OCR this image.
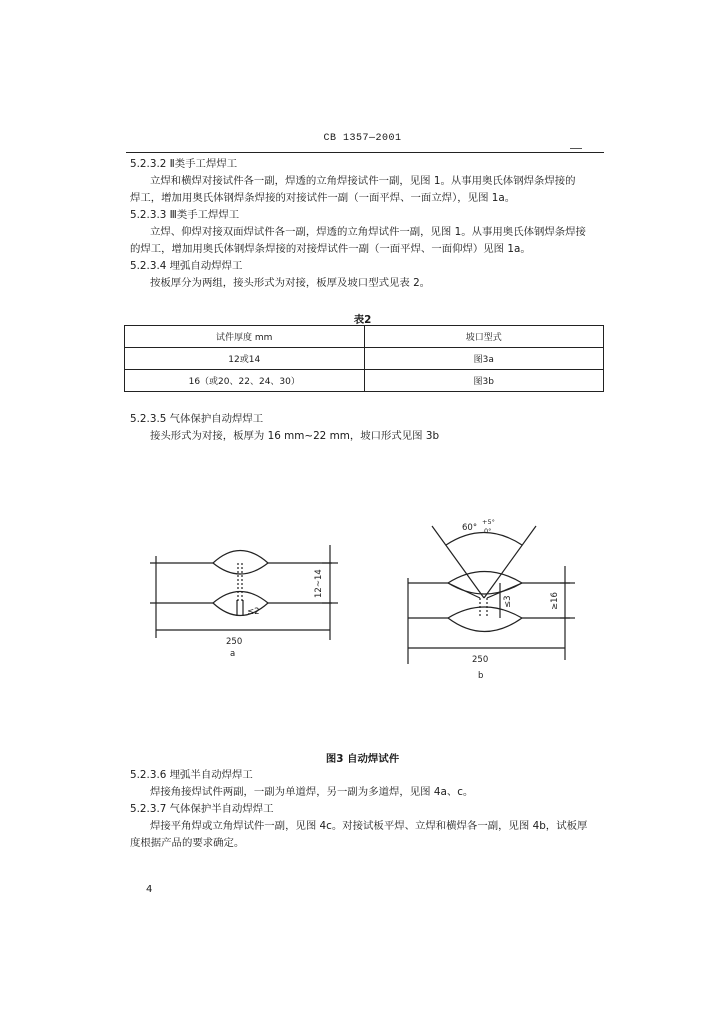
CB 1357—2001
5.2.3.2 Ⅱ类手工焊焊工
立焊和横焊对接试件各一副，焊透的立角焊接试件一副，见图 1。从事用奥氏体钢焊条焊接的
焊工，增加用奥氏体钢焊条焊接的对接试件一副（一面平焊、一面立焊），见图 1a。
5.2.3.3 Ⅲ类手工焊焊工
立焊、仰焊对接双面焊试件各一副，焊透的立角焊试件一副，见图 1。从事用奥氏体钢焊条焊接
的焊工，增加用奥氏体钢焊条焊接的对接焊试件一副（一面平焊、一面仰焊）见图 1a。
5.2.3.4 埋弧自动焊焊工
按板厚分为两组，接头形式为对接，板厚及坡口型式见表 2。
表2
试件厚度 mm	坡口型式
12或14	图3a
16（或20、22、24、30）	图3b
5.2.3.5 气体保护自动焊焊工
接头形式为对接，板厚为 16 mm~22 mm，坡口形式见图 3b
250
≤2
12~14
a
250
≤3	≥16
60°
+5°
0°
b
图3 自动焊试件
5.2.3.6 埋弧半自动焊焊工
焊接角接焊试件两副，一副为单道焊，另一副为多道焊，见图 4a、c。
5.2.3.7 气体保护半自动焊焊工
焊接平角焊或立角焊试件一副，见图 4c。对接试板平焊、立焊和横焊各一副，见图 4b，试板厚
度根据产品的要求确定。
4
